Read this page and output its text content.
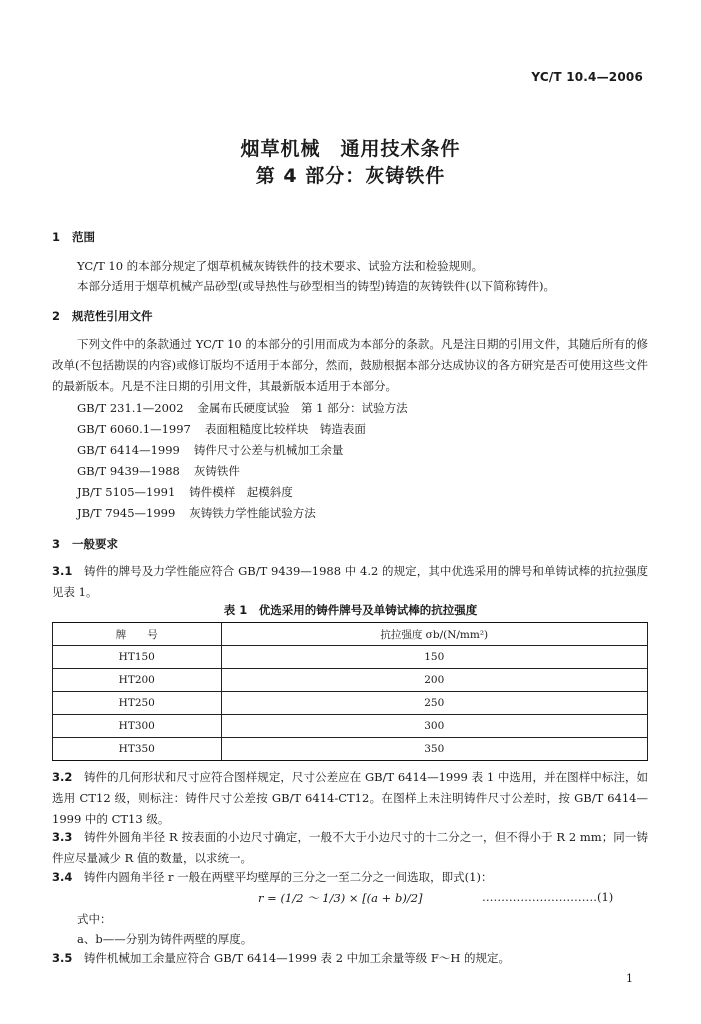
YC/T 10.4—2006
烟草机械　通用技术条件
第 4 部分：灰铸铁件
1 范围
YC/T 10 的本部分规定了烟草机械灰铸铁件的技术要求、试验方法和检验规则。
本部分适用于烟草机械产品砂型(或导热性与砂型相当的铸型)铸造的灰铸铁件(以下简称铸件)。
2 规范性引用文件
下列文件中的条款通过 YC/T 10 的本部分的引用而成为本部分的条款。凡是注日期的引用文件，其随后所有的修改单(不包括勘误的内容)或修订版均不适用于本部分，然而，鼓励根据本部分达成协议的各方研究是否可使用这些文件的最新版本。凡是不注日期的引用文件，其最新版本适用于本部分。
GB/T 231.1—2002 金属布氏硬度试验　第 1 部分：试验方法
GB/T 6060.1—1997 表面粗糙度比较样块　铸造表面
GB/T 6414—1999 铸件尺寸公差与机械加工余量
GB/T 9439—1988 灰铸铁件
JB/T 5105—1991 铸件模样　起模斜度
JB/T 7945—1999 灰铸铁力学性能试验方法
3 一般要求
3.1　 铸件的牌号及力学性能应符合 GB/T 9439—1988 中 4.2 的规定，其中优选采用的牌号和单铸试棒的抗拉强度见表 1。
表 1　优选采用的铸件牌号及单铸试棒的抗拉强度
牌　　号	抗拉强度 σb/(N/mm²)
HT150	150
HT200	200
HT250	250
HT300	300
HT350	350
3.2　 铸件的几何形状和尺寸应符合图样规定，尺寸公差应在 GB/T 6414—1999 表 1 中选用，并在图样中标注，如选用 CT12 级，则标注：铸件尺寸公差按 GB/T 6414-CT12。在图样上未注明铸件尺寸公差时，按 GB/T 6414—1999 中的 CT13 级。
3.3　 铸件外圆角半径 R 按表面的小边尺寸确定，一般不大于小边尺寸的十二分之一，但不得小于 R 2 mm；同一铸件应尽量减少 R 值的数量，以求统一。
3.4　 铸件内圆角半径 r 一般在两壁平均壁厚的三分之一至二分之一间选取，即式(1)：
r = (1/2 ～ 1/3) × [(a + b)/2]	…………………………(1)
式中：
a、b——分别为铸件两壁的厚度。
3.5　 铸件机械加工余量应符合 GB/T 6414—1999 表 2 中加工余量等级 F～H 的规定。
1
